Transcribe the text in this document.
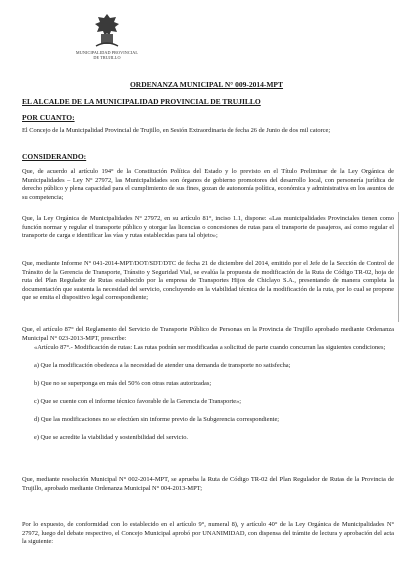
MUNICIPALIDAD PROVINCIAL
DE TRUJILLO
ORDENANZA MUNICIPAL N° 009-2014-MPT
EL ALCALDE DE LA MUNICIPALIDAD PROVINCIAL DE TRUJILLO
POR CUANTO:
El Concejo de la Municipalidad Provincial de Trujillo, en Sesión Extraordinaria de fecha 26 de Junio de dos mil catorce;
CONSIDERANDO:
Que, de acuerdo al artículo 194° de la Constitución Política del Estado y lo previsto en el Título Preliminar de la Ley Orgánica de Municipalidades – Ley N° 27972, las Municipalidades son órganos de gobierno promotores del desarrollo local, con personería jurídica de derecho público y plena capacidad para el cumplimiento de sus fines, gozan de autonomía política, económica y administrativa en los asuntos de su competencia;
Que, la Ley Orgánica de Municipalidades N° 27972, en su artículo 81°, inciso 1.1, dispone: «Las municipalidades Provinciales tienen como función normar y regular el transporte público y otorgar las licencias o concesiones de rutas para el transporte de pasajeros, así como regular el transporte de carga e identificar las vías y rutas establecidas para tal objeto»;
Que, mediante Informe N° 041-2014-MPT/DOT/SDT/DTC de fecha 21 de diciembre del 2014, emitido por el Jefe de la Sección de Control de Tránsito de la Gerencia de Transporte, Tránsito y Seguridad Vial, se evalúa la propuesta de modificación de la Ruta de Código TR-02, hoja de ruta del Plan Regulador de Rutas establecido por la empresa de Transportes Hijos de Chiclayo S.A., presentando de manera completa la documentación que sustenta la necesidad del servicio, concluyendo en la viabilidad técnica de la modificación de la ruta, por lo cual se propone que se emita el dispositivo legal correspondiente;
Que, el artículo 87° del Reglamento del Servicio de Transporte Público de Personas en la Provincia de Trujillo aprobado mediante Ordenanza Municipal N° 023-2013-MPT, prescribe:
«Artículo 87°.- Modificación de rutas: Las rutas podrán ser modificadas a solicitud de parte cuando concurran las siguientes condiciones;
a) Que la modificación obedezca a la necesidad de atender una demanda de transporte no satisfecha;
b) Que no se superponga en más del 50% con otras rutas autorizadas;
c) Que se cuente con el informe técnico favorable de la Gerencia de Transporte»;
d) Que las modificaciones no se efectúen sin informe previo de la Subgerencia correspondiente;
e) Que se acredite la viabilidad y sostenibilidad del servicio.
Que, mediante resolución Municipal N° 002-2014-MPT, se aprueba la Ruta de Código TR-02 del Plan Regulador de Rutas de la Provincia de Trujillo, aprobado mediante Ordenanza Municipal N° 004-2013-MPT;
Por lo expuesto, de conformidad con lo establecido en el artículo 9°, numeral 8), y artículo 40° de la Ley Orgánica de Municipalidades N° 27972, luego del debate respectivo, el Concejo Municipal aprobó por UNANIMIDAD, con dispensa del trámite de lectura y aprobación del acta la siguiente:
